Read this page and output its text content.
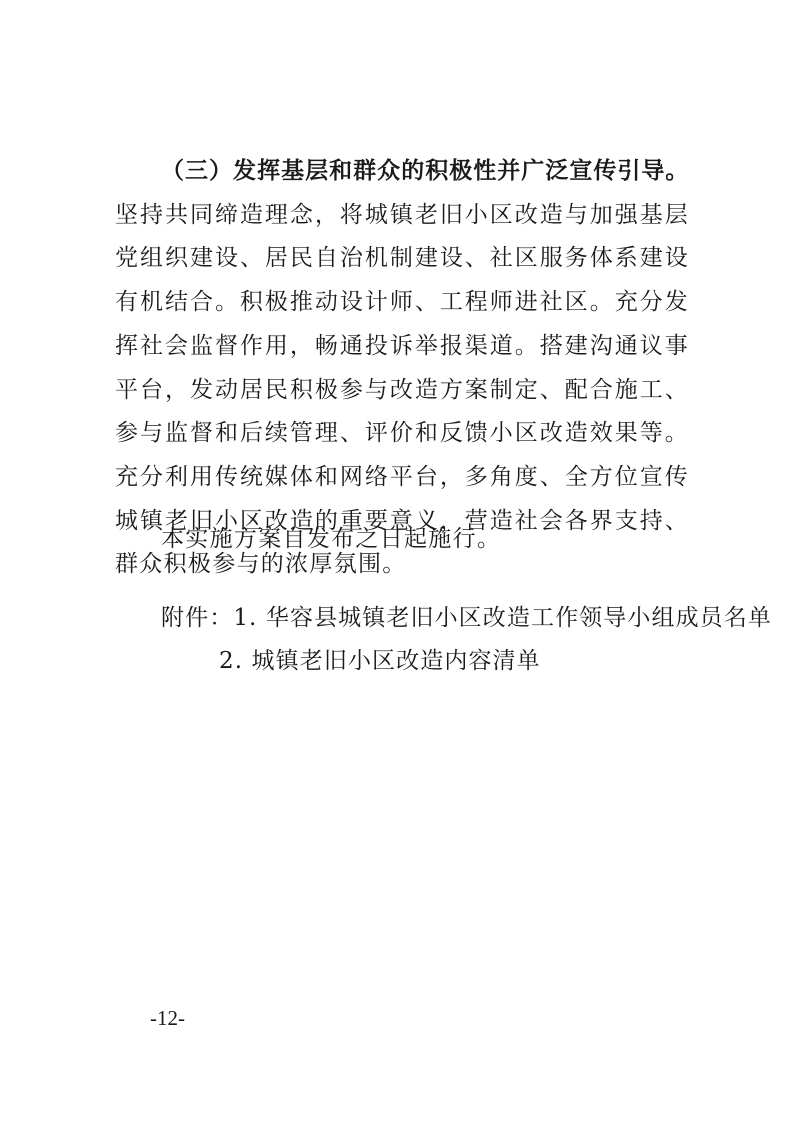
（三）发挥基层和群众的积极性并广泛宣传引导。坚持共同缔造理念，将城镇老旧小区改造与加强基层党组织建设、居民自治机制建设、社区服务体系建设有机结合。积极推动设计师、工程师进社区。充分发挥社会监督作用，畅通投诉举报渠道。搭建沟通议事平台，发动居民积极参与改造方案制定、配合施工、参与监督和后续管理、评价和反馈小区改造效果等。充分利用传统媒体和网络平台，多角度、全方位宣传城镇老旧小区改造的重要意义，营造社会各界支持、群众积极参与的浓厚氛围。

本实施方案自发布之日起施行。

附件：1. 华容县城镇老旧小区改造工作领导小组成员名单
2. 城镇老旧小区改造内容清单

-12-
